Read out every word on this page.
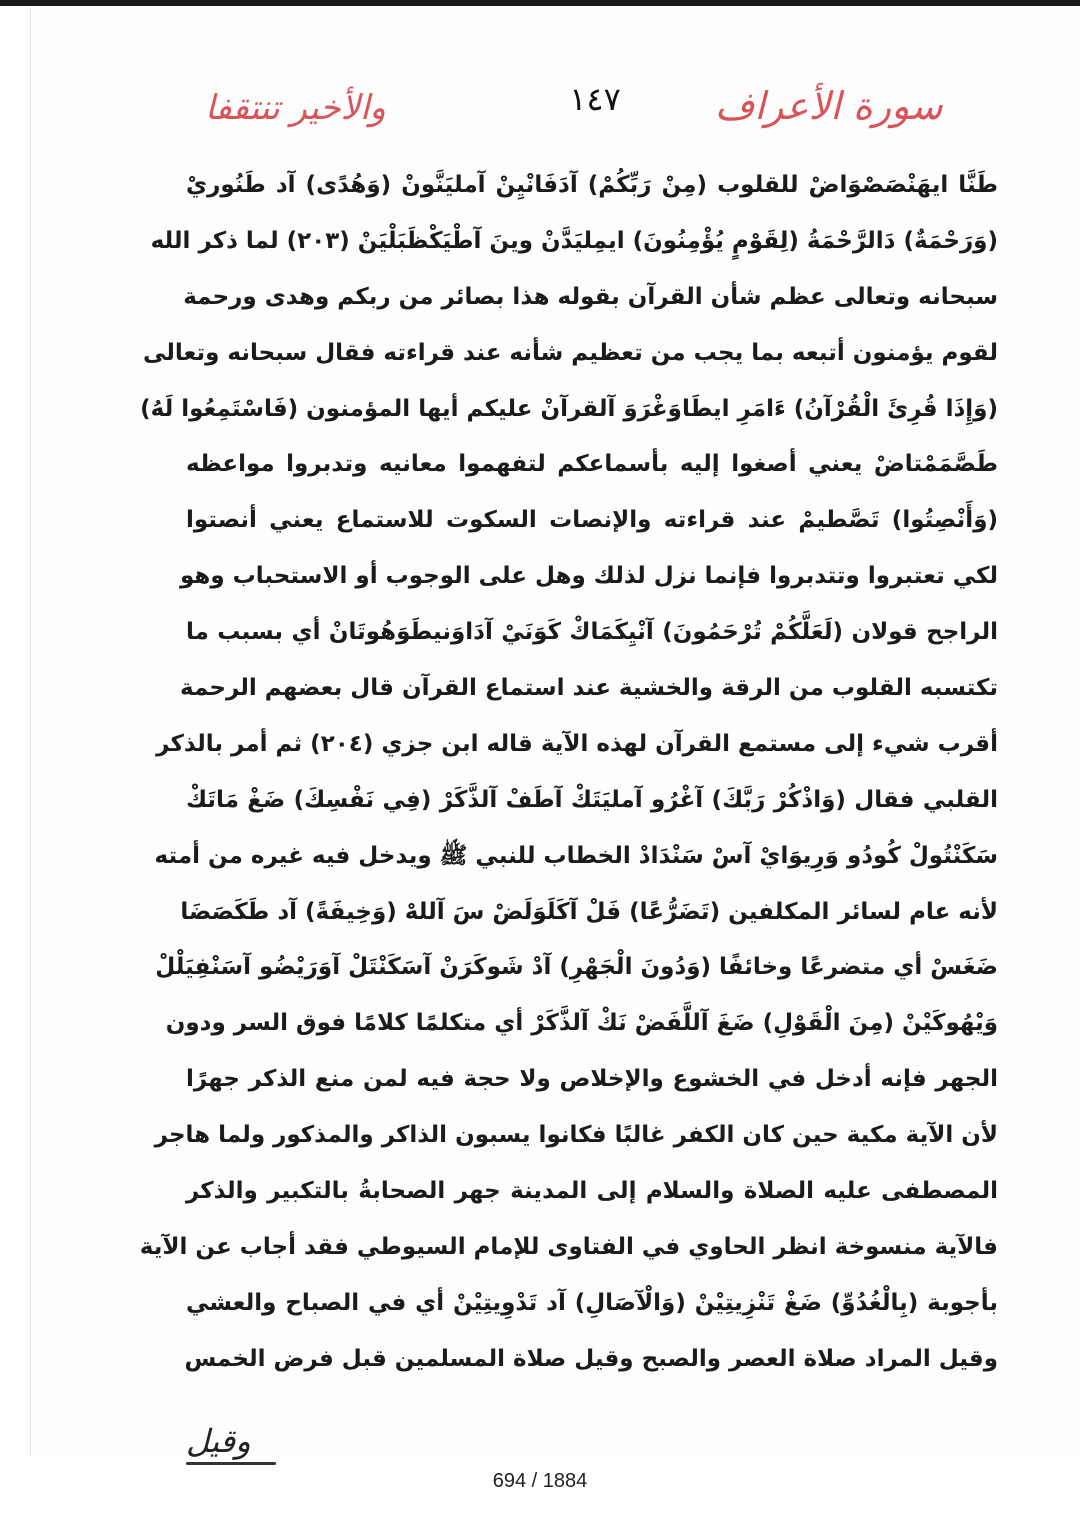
والأخير تنتقفا	١٤٧	سورة الأعراف
طَنَّا ايهَنْصَصْوَاضْ للقلوب (مِنْ رَبِّكُمْ) آدَفَانْيِنْ آمليَنَّونْ (وَهُدًى) آد طَنُوريْ
(وَرَحْمَةٌ) دَالرَّحْمَةُ (لِقَوْمٍ يُؤْمِنُونَ) ايمِليَدَّنْ وينَ آطْيَكْظَبَلْيَنْ (٢٠٣) لما ذكر الله
سبحانه وتعالى عظم شأن القرآن بقوله هذا بصائر من ربكم وهدى ورحمة
لقوم يؤمنون أتبعه بما يجب من تعظيم شأنه عند قراءته فقال سبحانه وتعالى
(وَإِذَا قُرِئَ الْقُرْآنُ) ءَامَرِ ايطَاوَغْرَوَ آلقرآنْ عليكم أيها المؤمنون (فَاسْتَمِعُوا لَهُ)
طَصَّمَمْتاضْ يعني أصغوا إليه بأسماعكم لتفهموا معانيه وتدبروا مواعظه
(وَأَنْصِتُوا) تَصَّطيمْ عند قراءته والإنصات السكوت للاستماع يعني أنصتوا
لكي تعتبروا وتتدبروا فإنما نزل لذلك وهل على الوجوب أو الاستحباب وهو
الراجح قولان (لَعَلَّكُمْ تُرْحَمُونَ) آنْيِكَمَاكْ كَوَنَيْ آدَاوَنيطَوَهُوتَانْ أي بسبب ما
تكتسبه القلوب من الرقة والخشية عند استماع القرآن قال بعضهم الرحمة
أقرب شيء إلى مستمع القرآن لهذه الآية قاله ابن جزي (٢٠٤) ثم أمر بالذكر
القلبي فقال (وَاذْكُرْ رَبَّكَ) آغْرُو آمليَتَكْ آطَفْ آلذَّكَرْ (فِي نَفْسِكَ) ضَغْ مَاتَكْ
سَكَنْتُولْ كُودُو وَرِيوَايْ آسْ سَنْدَادْ الخطاب للنبي ﷺ ويدخل فيه غيره من أمته
لأنه عام لسائر المكلفين (تَضَرُّعًا) فَلْ آكَلَوَلَضْ سَ آللهْ (وَخِيفَةً) آد طَكَصَضَا
ضَغَسْ أي متضرعًا وخائفًا (وَدُونَ الْجَهْرِ) آدْ شَوكَرَنْ آسَكَنْتَلْ آوَرَيْضُو آسَنْفِيَلْلْ
وَيْهُوكَيْنْ (مِنَ الْقَوْلِ) ضَغَ آللَّفَضْ نَكْ آلذَّكَرْ أي متكلمًا كلامًا فوق السر ودون
الجهر فإنه أدخل في الخشوع والإخلاص ولا حجة فيه لمن منع الذكر جهرًا
لأن الآية مكية حين كان الكفر غالبًا فكانوا يسبون الذاكر والمذكور ولما هاجر
المصطفى عليه الصلاة والسلام إلى المدينة جهر الصحابةُ بالتكبير والذكر
فالآية منسوخة انظر الحاوي في الفتاوى للإمام السيوطي فقد أجاب عن الآية
بأجوبة (بِالْغُدُوِّ) ضَغْ تَنْزِيتِيْنْ (وَالْآصَالِ) آد تَدْوِيتِيْنْ أي في الصباح والعشي
وقيل المراد صلاة العصر والصبح وقيل صلاة المسلمين قبل فرض الخمس
وقيل
694 / 1884
